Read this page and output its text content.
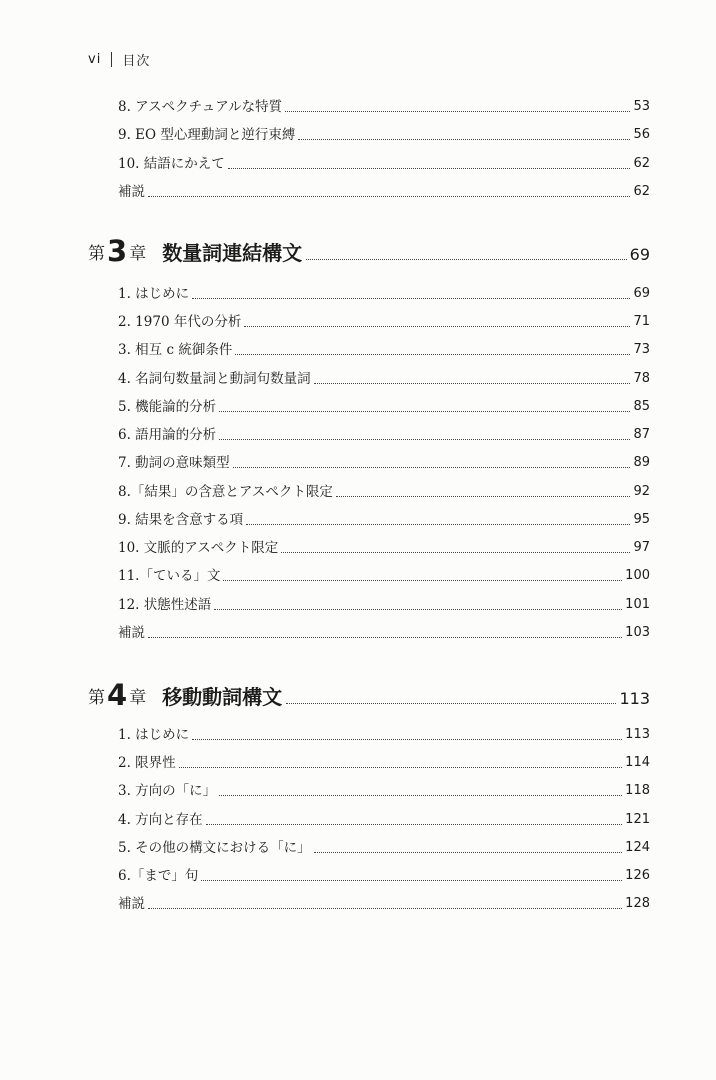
vi 目次
8. アスペクチュアルな特質	53
9. EO 型心理動詞と逆行束縛	56
10. 結語にかえて	62
補説	62
第 3 章 数量詞連結構文	69
1. はじめに	69
2. 1970 年代の分析	71
3. 相互 c 統御条件	73
4. 名詞句数量詞と動詞句数量詞	78
5. 機能論的分析	85
6. 語用論的分析	87
7. 動詞の意味類型	89
8.「結果」の含意とアスペクト限定	92
9. 結果を含意する項	95
10. 文脈的アスペクト限定	97
11.「ている」文	100
12. 状態性述語	101
補説	103
第 4 章 移動動詞構文	113
1. はじめに	113
2. 限界性	114
3. 方向の「に」	118
4. 方向と存在	121
5. その他の構文における「に」	124
6.「まで」句	126
補説	128
